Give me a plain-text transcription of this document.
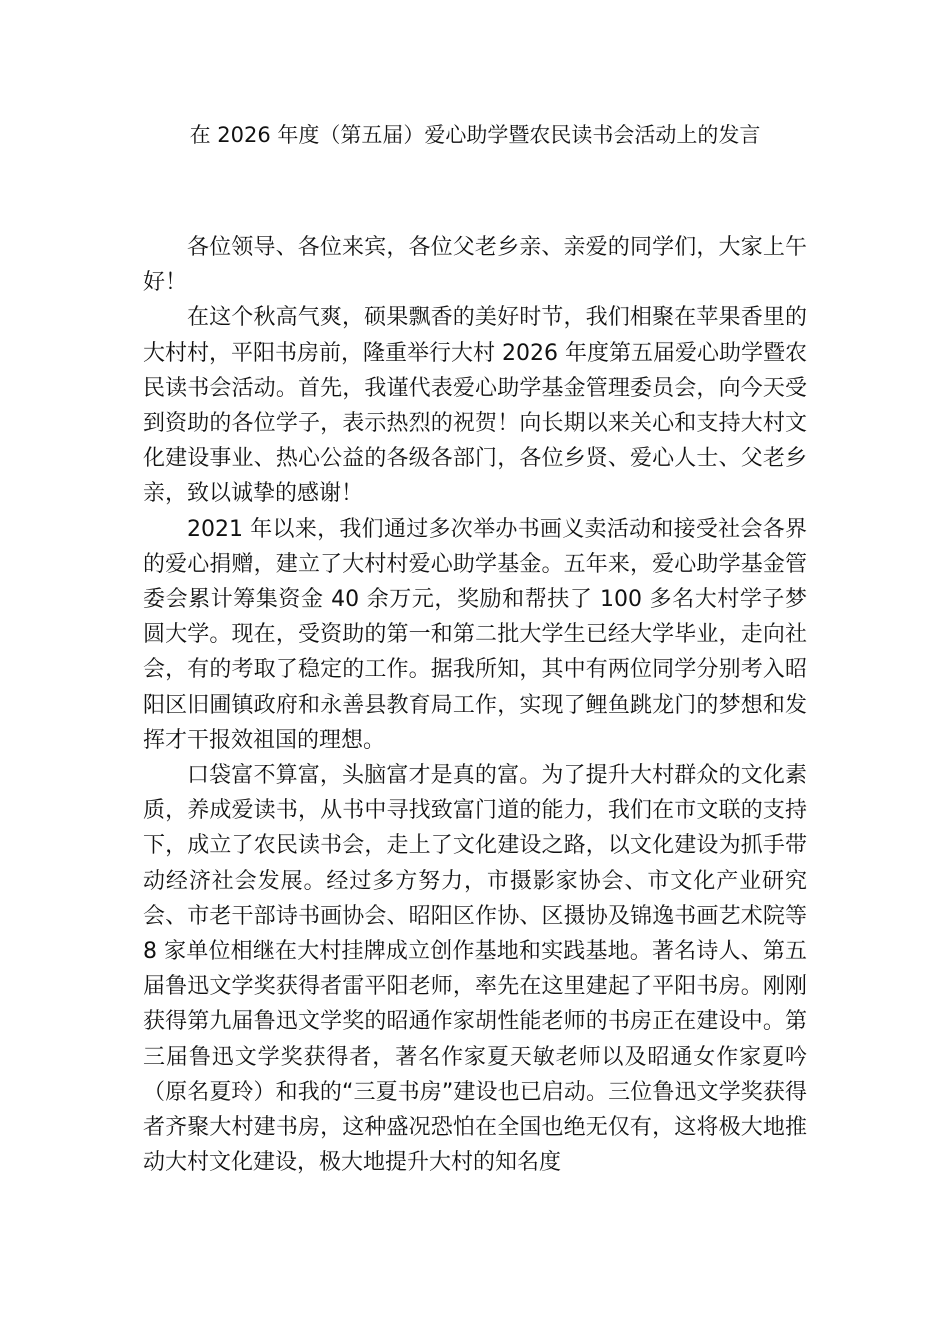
在 2026 年度（第五届）爱心助学暨农民读书会活动上的发言

各位领导、各位来宾，各位父老乡亲、亲爱的同学们，大家上午好！

在这个秋高气爽，硕果飘香的美好时节，我们相聚在苹果香里的大村村，平阳书房前，隆重举行大村 2026 年度第五届爱心助学暨农民读书会活动。首先，我谨代表爱心助学基金管理委员会，向今天受到资助的各位学子，表示热烈的祝贺！向长期以来关心和支持大村文化建设事业、热心公益的各级各部门，各位乡贤、爱心人士、父老乡亲，致以诚挚的感谢！

2021 年以来，我们通过多次举办书画义卖活动和接受社会各界的爱心捐赠，建立了大村村爱心助学基金。五年来，爱心助学基金管委会累计筹集资金 40 余万元，奖励和帮扶了 100 多名大村学子梦圆大学。现在，受资助的第一和第二批大学生已经大学毕业，走向社会，有的考取了稳定的工作。据我所知，其中有两位同学分别考入昭阳区旧圃镇政府和永善县教育局工作，实现了鲤鱼跳龙门的梦想和发挥才干报效祖国的理想。

口袋富不算富，头脑富才是真的富。为了提升大村群众的文化素质，养成爱读书，从书中寻找致富门道的能力，我们在市文联的支持下，成立了农民读书会，走上了文化建设之路，以文化建设为抓手带动经济社会发展。经过多方努力，市摄影家协会、市文化产业研究会、市老干部诗书画协会、昭阳区作协、区摄协及锦逸书画艺术院等 8 家单位相继在大村挂牌成立创作基地和实践基地。著名诗人、第五届鲁迅文学奖获得者雷平阳老师，率先在这里建起了平阳书房。刚刚获得第九届鲁迅文学奖的昭通作家胡性能老师的书房正在建设中。第三届鲁迅文学奖获得者，著名作家夏天敏老师以及昭通女作家夏吟（原名夏玲）和我的“三夏书房”建设也已启动。三位鲁迅文学奖获得者齐聚大村建书房，这种盛况恐怕在全国也绝无仅有，这将极大地推动大村文化建设，极大地提升大村的知名度
